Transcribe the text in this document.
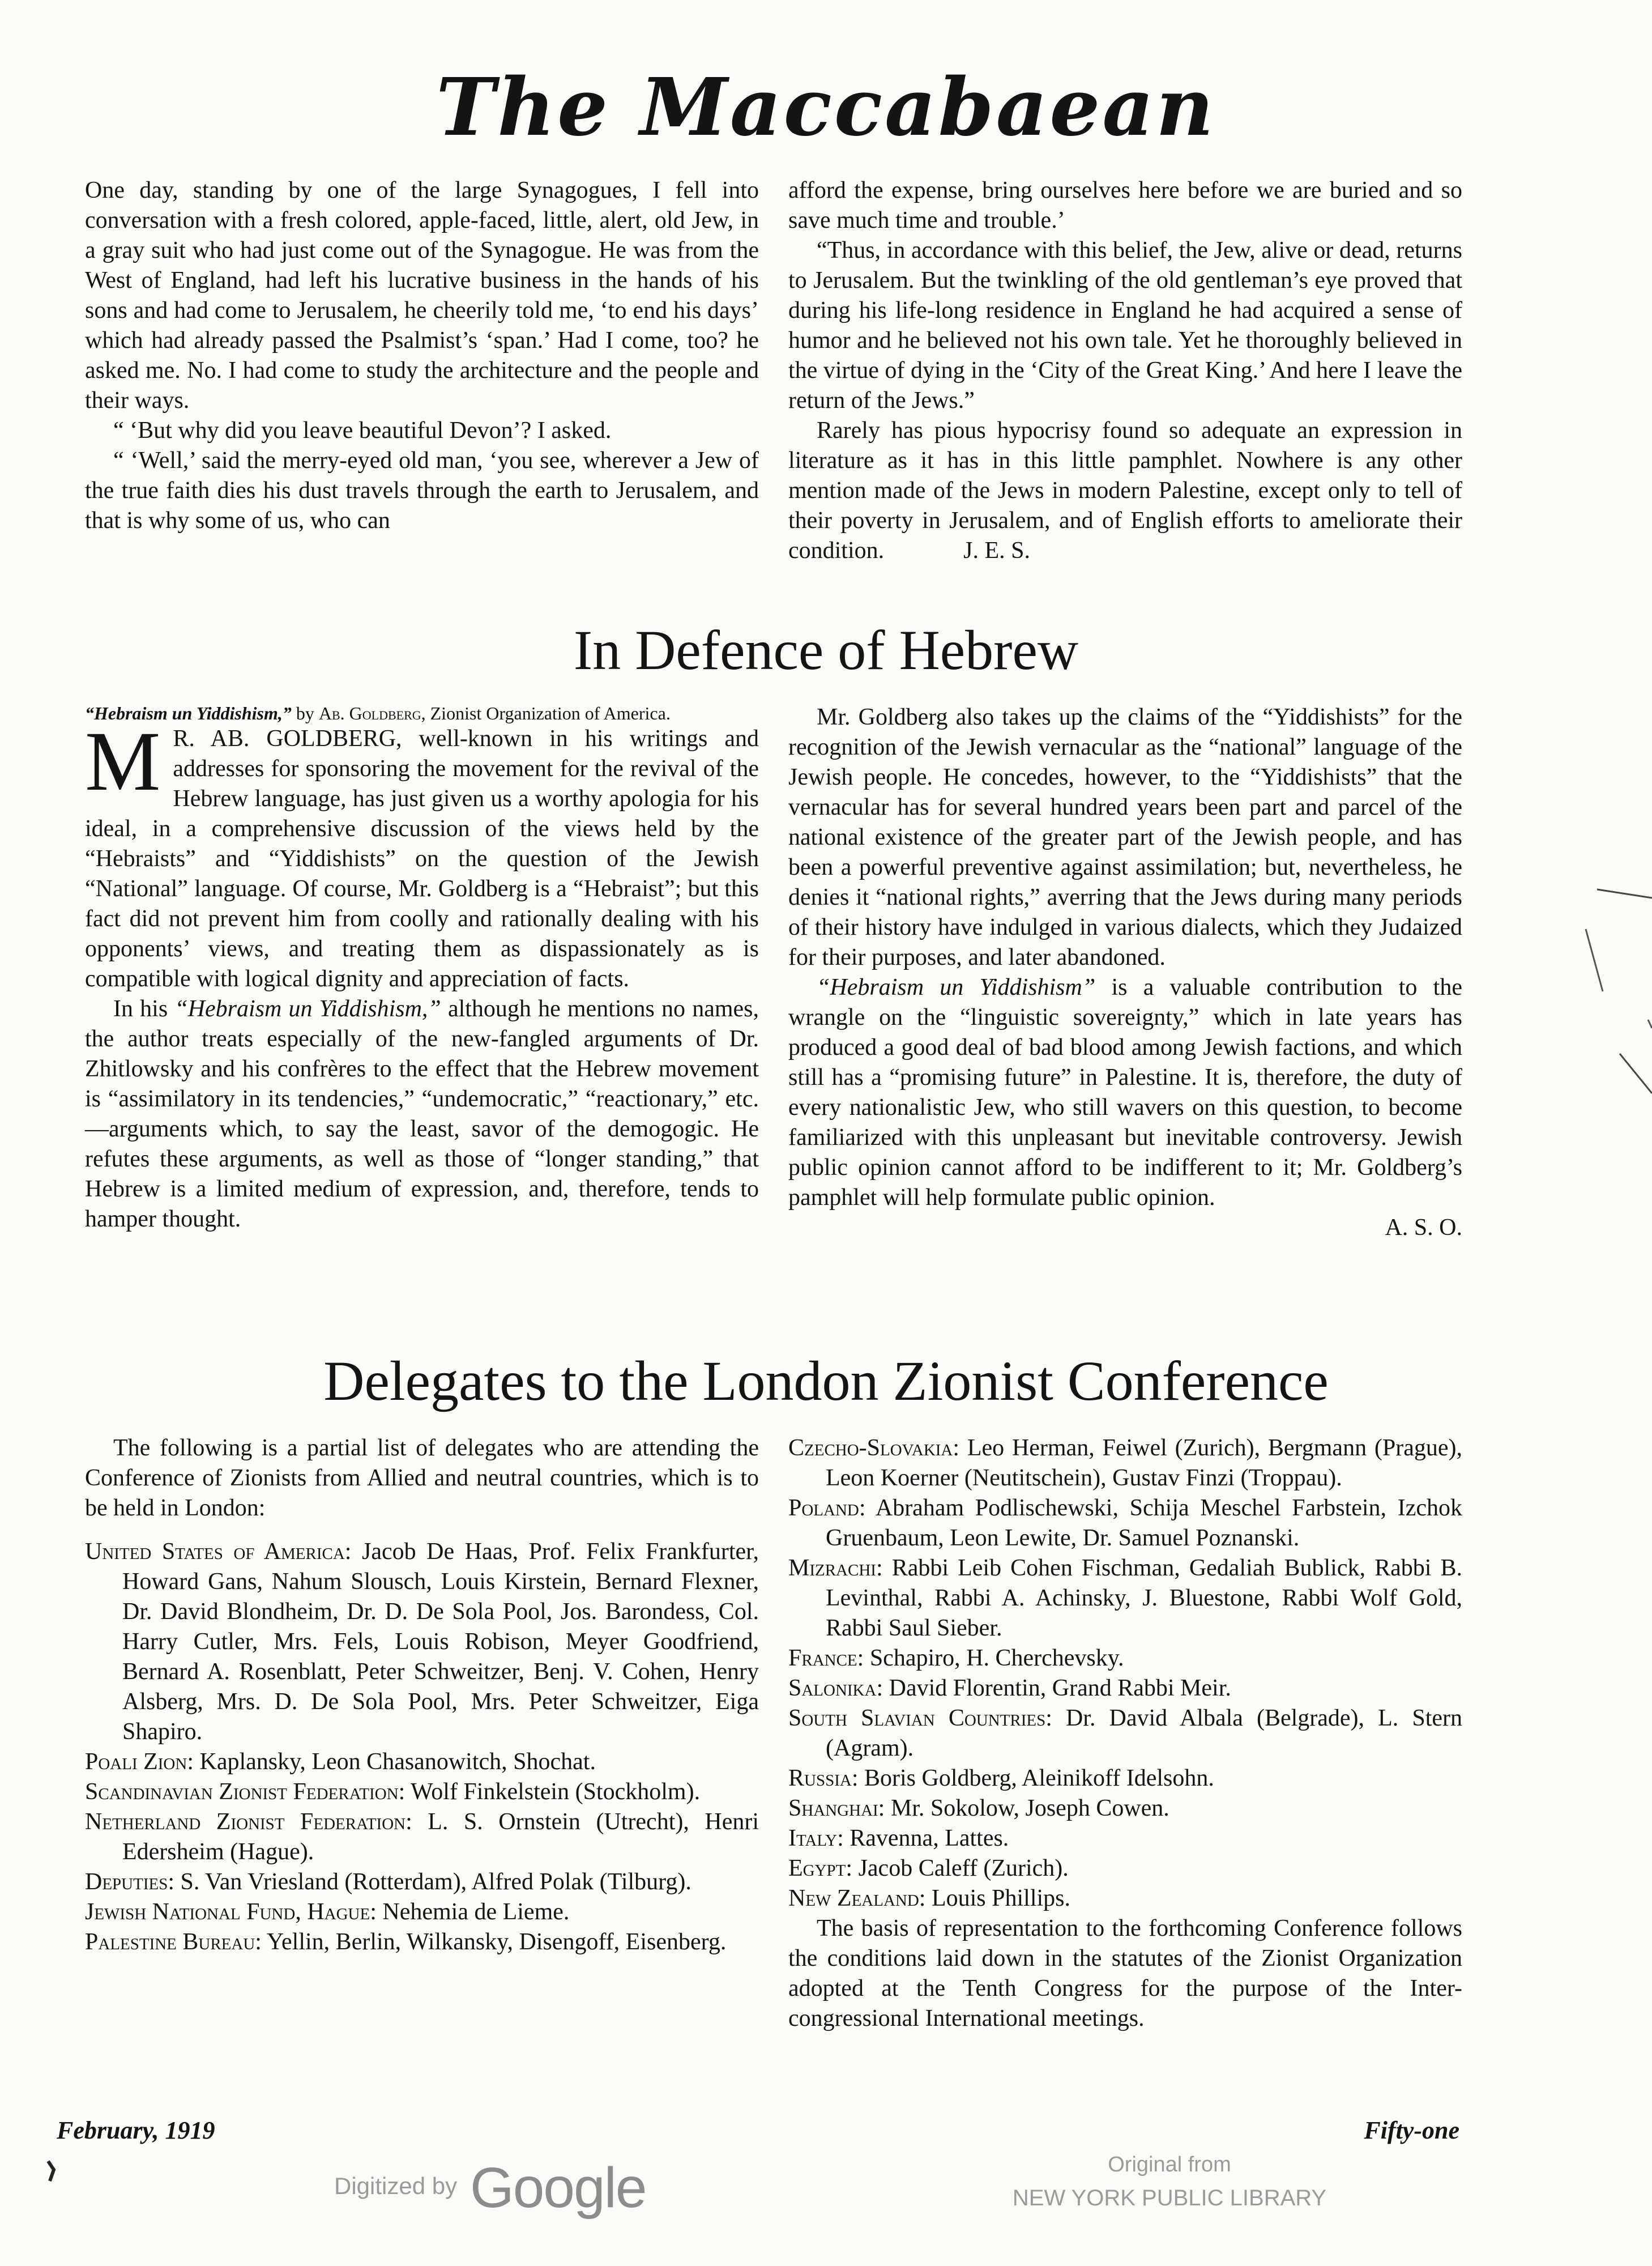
The Maccabaean

One day, standing by one of the large Synagogues, I fell into conversation with a fresh colored, apple-faced, little, alert, old Jew, in a gray suit who had just come out of the Synagogue. He was from the West of England, had left his lucrative business in the hands of his sons and had come to Jerusalem, he cheerily told me, ‘to end his days’ which had already passed the Psalmist’s ‘span.’ Had I come, too? he asked me. No. I had come to study the architecture and the people and their ways.

“ ‘But why did you leave beautiful Devon’? I asked.

“ ‘Well,’ said the merry-eyed old man, ‘you see, wherever a Jew of the true faith dies his dust travels through the earth to Jerusalem, and that is why some of us, who can

afford the expense, bring ourselves here before we are buried and so save much time and trouble.’

“Thus, in accordance with this belief, the Jew, alive or dead, returns to Jerusalem. But the twinkling of the old gentleman’s eye proved that during his life-long residence in England he had acquired a sense of humor and he believed not his own tale. Yet he thoroughly believed in the virtue of dying in the ‘City of the Great King.’ And here I leave the return of the Jews.”

Rarely has pious hypocrisy found so adequate an expression in literature as it has in this little pamphlet. Nowhere is any other mention made of the Jews in modern Palestine, except only to tell of their poverty in Jerusalem, and of English efforts to ameliorate their condition.	J. E. S.

In Defence of Hebrew

“Hebraism un Yiddishism,” by Ab. Goldberg, Zionist Organization of America.

M R. AB. GOLDBERG, well-known in his writings and addresses for sponsoring the movement for the revival of the Hebrew language, has just given us a worthy apologia for his ideal, in a comprehensive discussion of the views held by the “Hebraists” and “Yiddishists” on the question of the Jewish “National” language. Of course, Mr. Goldberg is a “Hebraist”; but this fact did not prevent him from coolly and rationally dealing with his opponents’ views, and treating them as dispassionately as is compatible with logical dignity and appreciation of facts.

In his “Hebraism un Yiddishism,” although he mentions no names, the author treats especially of the new-fangled arguments of Dr. Zhitlowsky and his confrères to the effect that the Hebrew movement is “assimilatory in its tendencies,” “undemocratic,” “reactionary,” etc.—arguments which, to say the least, savor of the demogogic. He refutes these arguments, as well as those of “longer standing,” that Hebrew is a limited medium of expression, and, therefore, tends to hamper thought.

Mr. Goldberg also takes up the claims of the “Yiddishists” for the recognition of the Jewish vernacular as the “national” language of the Jewish people. He concedes, however, to the “Yiddishists” that the vernacular has for several hundred years been part and parcel of the national existence of the greater part of the Jewish people, and has been a powerful preventive against assimilation; but, nevertheless, he denies it “national rights,” averring that the Jews during many periods of their history have indulged in various dialects, which they Judaized for their purposes, and later abandoned.

“Hebraism un Yiddishism” is a valuable contribution to the wrangle on the “linguistic sovereignty,” which in late years has produced a good deal of bad blood among Jewish factions, and which still has a “promising future” in Palestine. It is, therefore, the duty of every nationalistic Jew, who still wavers on this question, to become familiarized with this unpleasant but inevitable controversy. Jewish public opinion cannot afford to be indifferent to it; Mr. Goldberg’s pamphlet will help formulate public opinion.

A. S. O.

Delegates to the London Zionist Conference

The following is a partial list of delegates who are attending the Conference of Zionists from Allied and neutral countries, which is to be held in London:

United States of America: Jacob De Haas, Prof. Felix Frankfurter, Howard Gans, Nahum Slousch, Louis Kirstein, Bernard Flexner, Dr. David Blondheim, Dr. D. De Sola Pool, Jos. Barondess, Col. Harry Cutler, Mrs. Fels, Louis Robison, Meyer Goodfriend, Bernard A. Rosenblatt, Peter Schweitzer, Benj. V. Cohen, Henry Alsberg, Mrs. D. De Sola Pool, Mrs. Peter Schweitzer, Eiga Shapiro.

Poali Zion: Kaplansky, Leon Chasanowitch, Shochat.

Scandinavian Zionist Federation: Wolf Finkelstein (Stockholm).

Netherland Zionist Federation: L. S. Ornstein (Utrecht), Henri Edersheim (Hague).

Deputies: S. Van Vriesland (Rotterdam), Alfred Polak (Tilburg).

Jewish National Fund, Hague: Nehemia de Lieme.

Palestine Bureau: Yellin, Berlin, Wilkansky, Disengoff, Eisenberg.

Czecho-Slovakia: Leo Herman, Feiwel (Zurich), Bergmann (Prague), Leon Koerner (Neutitschein), Gustav Finzi (Troppau).

Poland: Abraham Podlischewski, Schija Meschel Farbstein, Izchok Gruenbaum, Leon Lewite, Dr. Samuel Poznanski.

Mizrachi: Rabbi Leib Cohen Fischman, Gedaliah Bublick, Rabbi B. Levinthal, Rabbi A. Achinsky, J. Bluestone, Rabbi Wolf Gold, Rabbi Saul Sieber.

France: Schapiro, H. Cherchevsky.

Salonika: David Florentin, Grand Rabbi Meir.

South Slavian Countries: Dr. David Albala (Belgrade), L. Stern (Agram).

Russia: Boris Goldberg, Aleinikoff Idelsohn.

Shanghai: Mr. Sokolow, Joseph Cowen.

Italy: Ravenna, Lattes.

Egypt: Jacob Caleff (Zurich).

New Zealand: Louis Phillips.

The basis of representation to the forthcoming Conference follows the conditions laid down in the statutes of the Zionist Organization adopted at the Tenth Congress for the purpose of the Inter-congressional International meetings.

February, 1919	Fifty-one
Digitized by Google	Original from
NEW YORK PUBLIC LIBRARY
